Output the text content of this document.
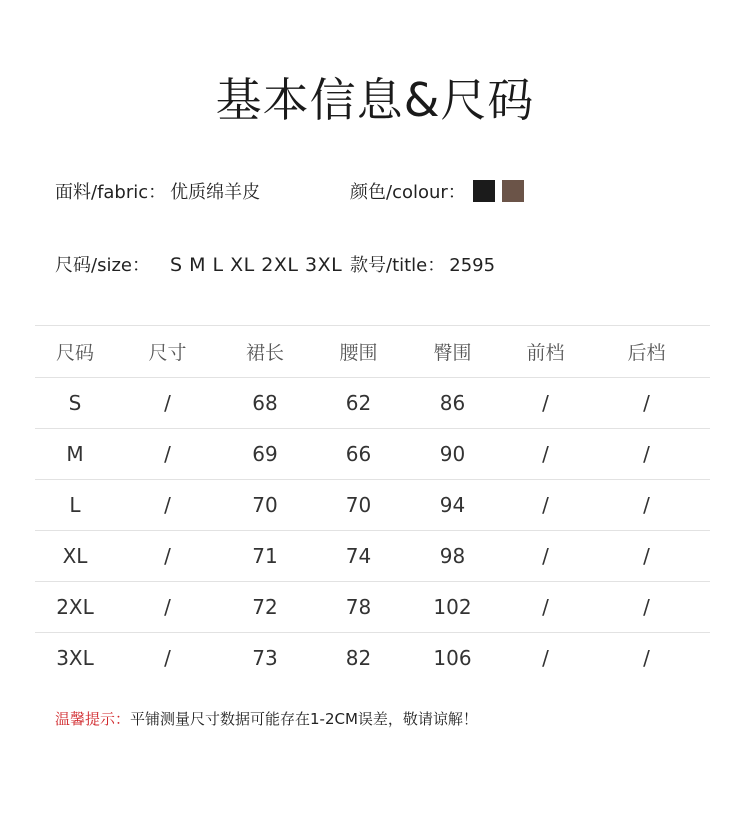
基本信息&尺码
面料/fabric： 优质绵羊皮	颜色/colour：
尺码/size： S M L XL 2XL 3XL 款号/title： 2595
尺码	尺寸	裙长	腰围	臀围	前档	后档
S	/	68	62	86	/	/
M	/	69	66	90	/	/
L	/	70	70	94	/	/
XL	/	71	74	98	/	/
2XL	/	72	78	102	/	/
3XL	/	73	82	106	/	/
温馨提示：平铺测量尺寸数据可能存在1-2CM误差，敬请谅解！
